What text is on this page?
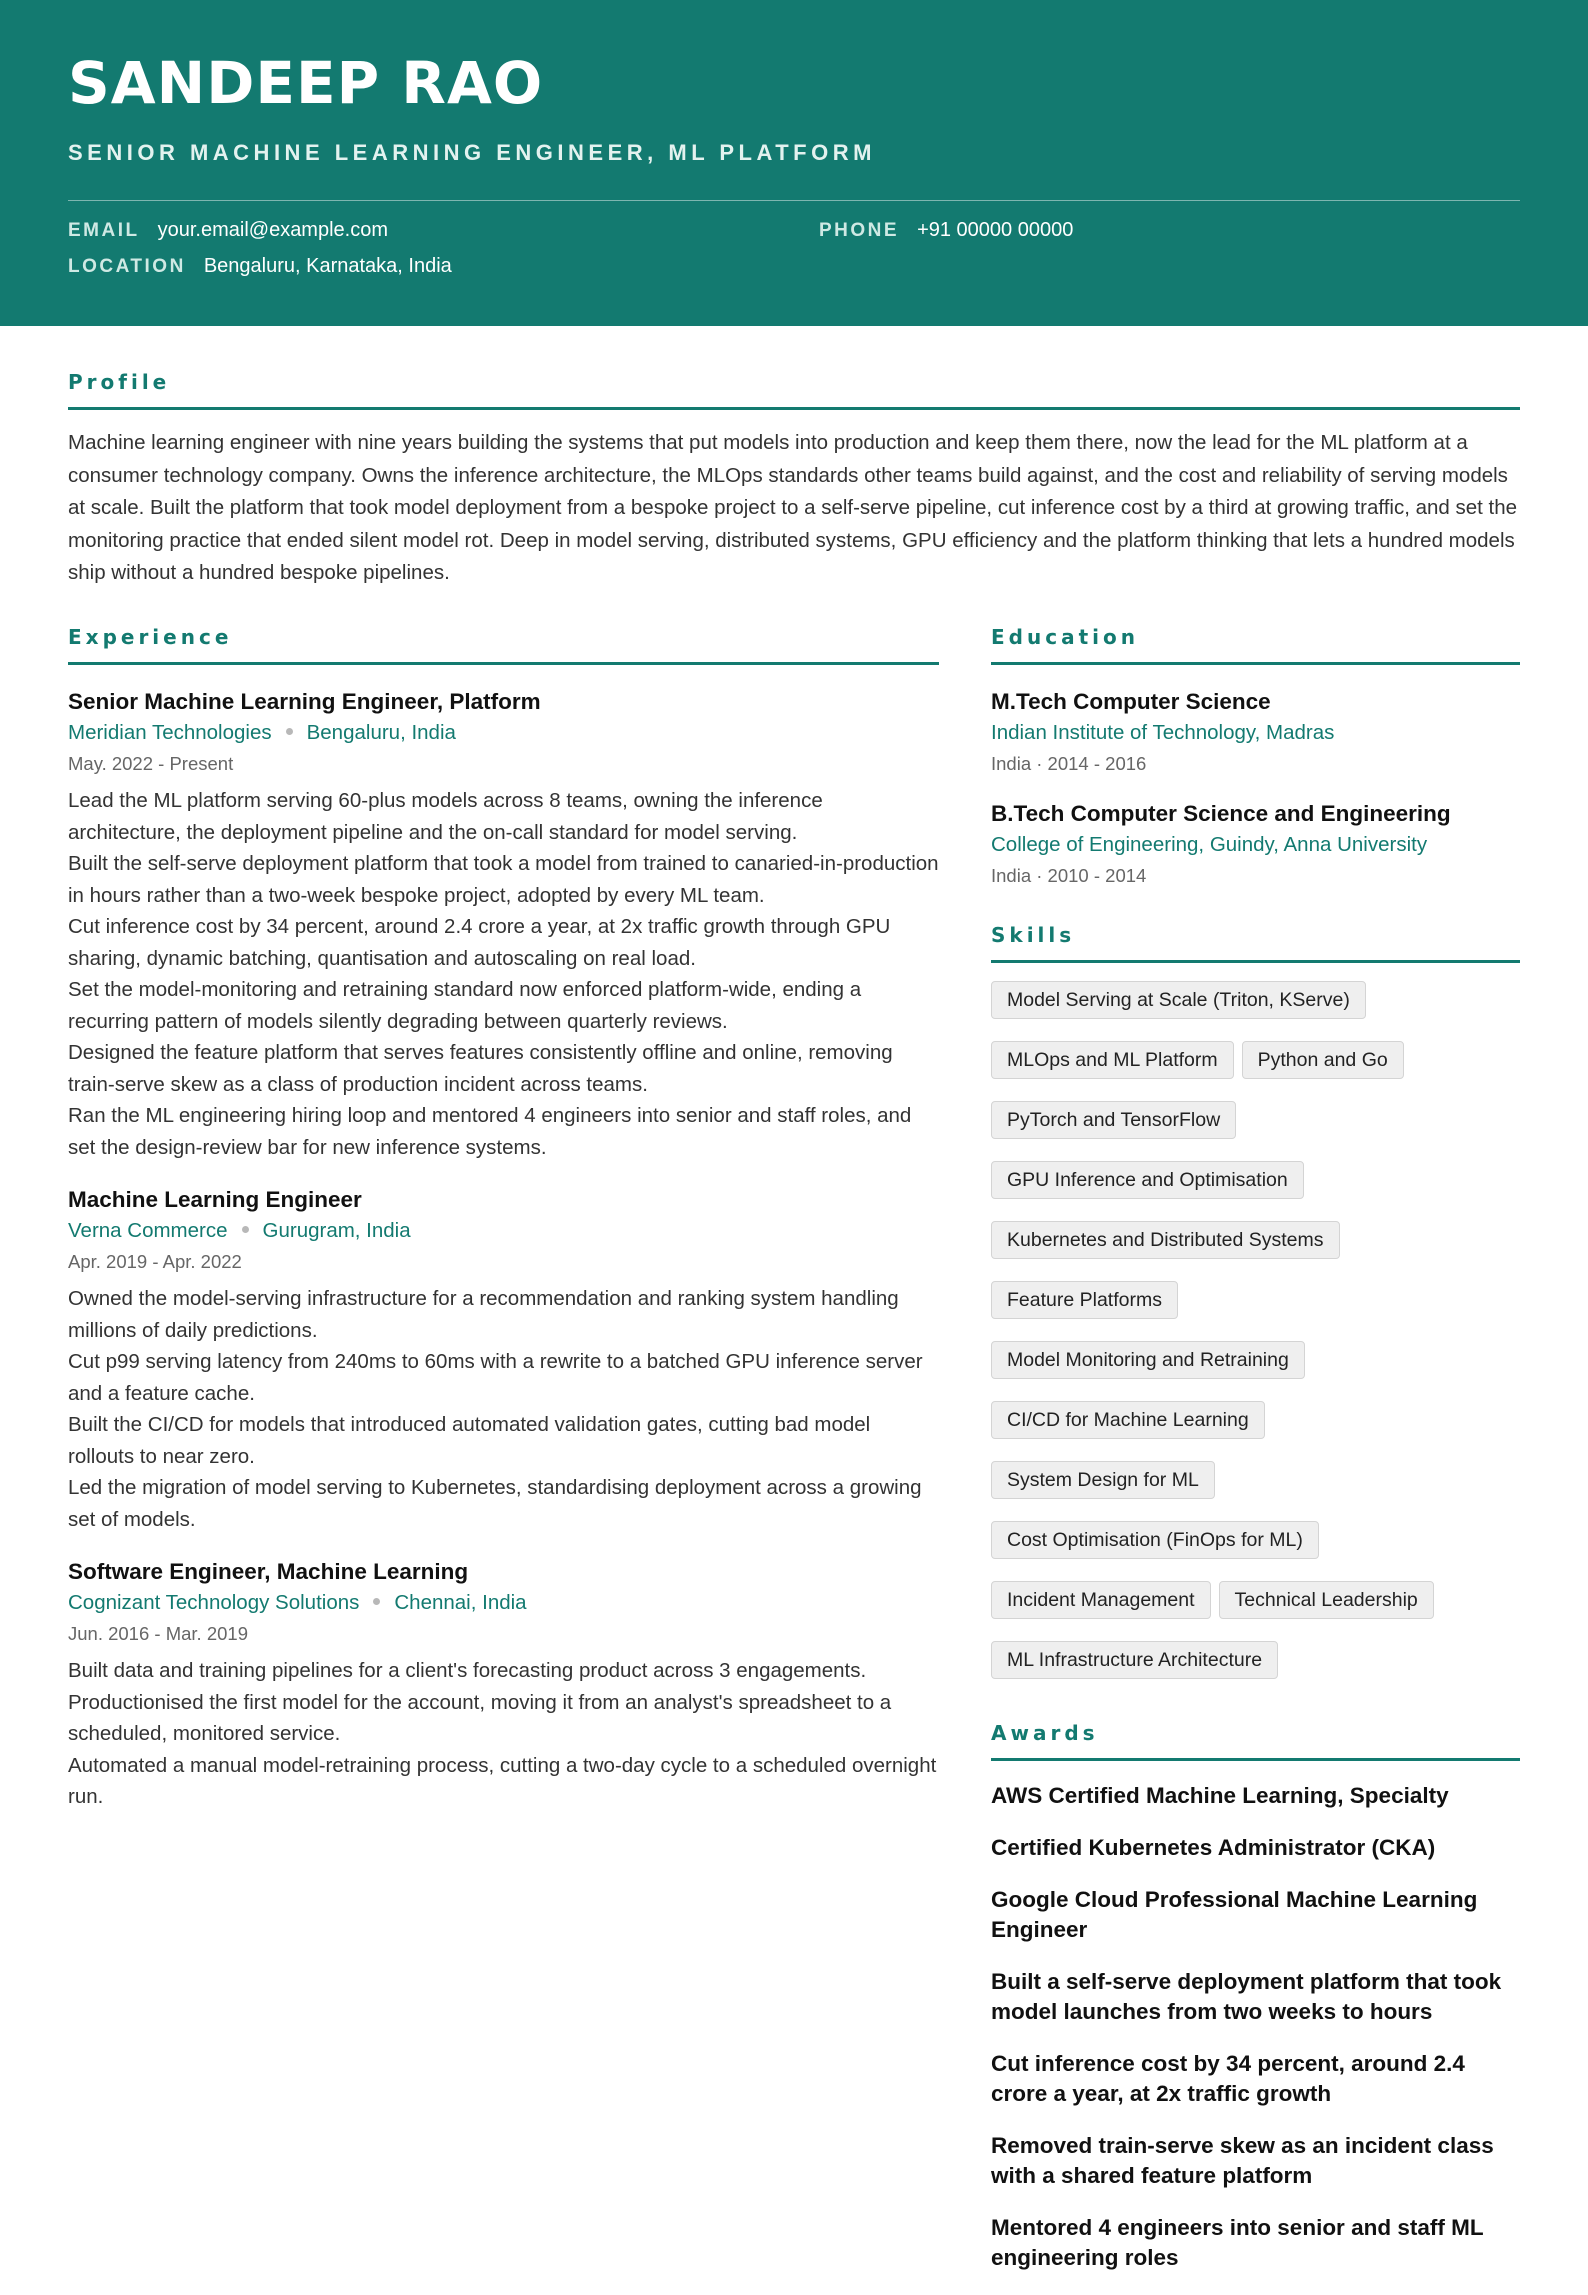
SANDEEP RAO
SENIOR MACHINE LEARNING ENGINEER, ML PLATFORM
EMAIL your.email@example.com	PHONE +91 00000 00000
LOCATION Bengaluru, Karnataka, India
Profile

Machine learning engineer with nine years building the systems that put models into production and keep them there, now the lead for the ML platform at a consumer technology company. Owns the inference architecture, the MLOps standards other teams build against, and the cost and reliability of serving models at scale. Built the platform that took model deployment from a bespoke project to a self-serve pipeline, cut inference cost by a third at growing traffic, and set the monitoring practice that ended silent model rot. Deep in model serving, distributed systems, GPU efficiency and the platform thinking that lets a hundred models ship without a hundred bespoke pipelines.

Experience
Senior Machine Learning Engineer, Platform
Meridian Technologies Bengaluru, India
May. 2022 - Present
Lead the ML platform serving 60-plus models across 8 teams, owning the inference architecture, the deployment pipeline and the on-call standard for model serving.
Built the self-serve deployment platform that took a model from trained to canaried-in-production in hours rather than a two-week bespoke project, adopted by every ML team.
Cut inference cost by 34 percent, around 2.4 crore a year, at 2x traffic growth through GPU sharing, dynamic batching, quantisation and autoscaling on real load.
Set the model-monitoring and retraining standard now enforced platform-wide, ending a recurring pattern of models silently degrading between quarterly reviews.
Designed the feature platform that serves features consistently offline and online, removing train-serve skew as a class of production incident across teams.
Ran the ML engineering hiring loop and mentored 4 engineers into senior and staff roles, and set the design-review bar for new inference systems.
Machine Learning Engineer
Verna Commerce Gurugram, India
Apr. 2019 - Apr. 2022
Owned the model-serving infrastructure for a recommendation and ranking system handling millions of daily predictions.
Cut p99 serving latency from 240ms to 60ms with a rewrite to a batched GPU inference server and a feature cache.
Built the CI/CD for models that introduced automated validation gates, cutting bad model rollouts to near zero.
Led the migration of model serving to Kubernetes, standardising deployment across a growing set of models.
Software Engineer, Machine Learning
Cognizant Technology Solutions Chennai, India
Jun. 2016 - Mar. 2019
Built data and training pipelines for a client's forecasting product across 3 engagements.
Productionised the first model for the account, moving it from an analyst's spreadsheet to a scheduled, monitored service.
Automated a manual model-retraining process, cutting a two-day cycle to a scheduled overnight run.
Education
M.Tech Computer Science
Indian Institute of Technology, Madras
India · 2014 - 2016
B.Tech Computer Science and Engineering
College of Engineering, Guindy, Anna University
India · 2010 - 2014
Skills
Model Serving at Scale (Triton, KServe)
MLOps and ML Platform	Python and Go
PyTorch and TensorFlow
GPU Inference and Optimisation
Kubernetes and Distributed Systems
Feature Platforms
Model Monitoring and Retraining
CI/CD for Machine Learning
System Design for ML
Cost Optimisation (FinOps for ML)
Incident Management	Technical Leadership
ML Infrastructure Architecture
Awards
AWS Certified Machine Learning, Specialty
Certified Kubernetes Administrator (CKA)
Google Cloud Professional Machine Learning Engineer
Built a self-serve deployment platform that took model launches from two weeks to hours
Cut inference cost by 34 percent, around 2.4 crore a year, at 2x traffic growth
Removed train-serve skew as an incident class with a shared feature platform
Mentored 4 engineers into senior and staff ML engineering roles
